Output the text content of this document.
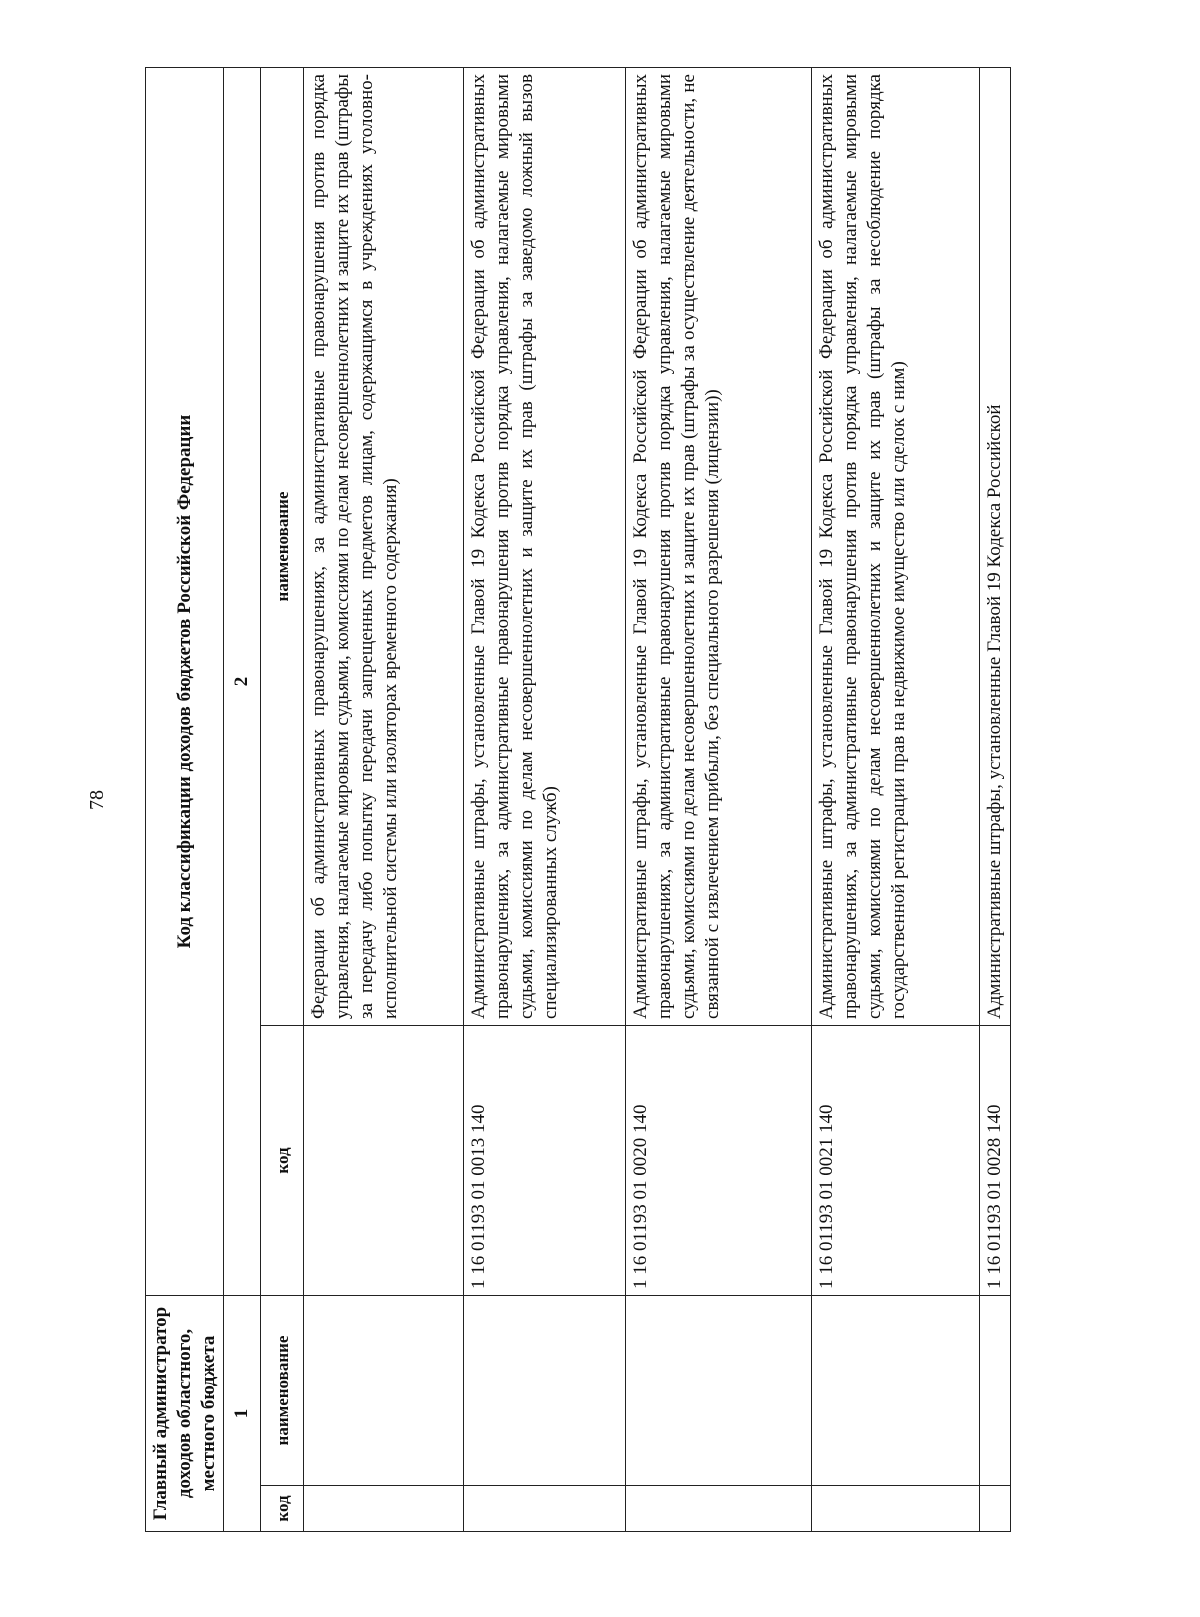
78
Главный администратор доходов областного, местного бюджета		Код классификации доходов бюджетов Российской Федерации	
1		2	
код	наименование	код	наименование
			Федерации об административных правонарушениях, за административные правонарушения против порядка управления, налагаемые мировыми судьями, комиссиями по делам несовершеннолетних и защите их прав (штрафы за передачу либо попытку передачи запрещенных предметов лицам, содержащимся в учреждениях уголовно-исполнительной системы или изоляторах временного содержания)
		1 16 01193 01 0013 140	Административные штрафы, установленные Главой 19 Кодекса Российской Федерации об административных правонарушениях, за административные правонарушения против порядка управления, налагаемые мировыми судьями, комиссиями по делам несовершеннолетних и защите их прав (штрафы за заведомо ложный вызов специализированных служб)
		1 16 01193 01 0020 140	Административные штрафы, установленные Главой 19 Кодекса Российской Федерации об административных правонарушениях, за административные правонарушения против порядка управления, налагаемые мировыми судьями, комиссиями по делам несовершеннолетних и защите их прав (штрафы за осуществление деятельности, не связанной с извлечением прибыли, без специального разрешения (лицензии))
		1 16 01193 01 0021 140	Административные штрафы, установленные Главой 19 Кодекса Российской Федерации об административных правонарушениях, за административные правонарушения против порядка управления, налагаемые мировыми судьями, комиссиями по делам несовершеннолетних и защите их прав (штрафы за несоблюдение порядка государственной регистрации прав на недвижимое имущество или сделок с ним)
		1 16 01193 01 0028 140	Административные штрафы, установленные Главой 19 Кодекса Российской
